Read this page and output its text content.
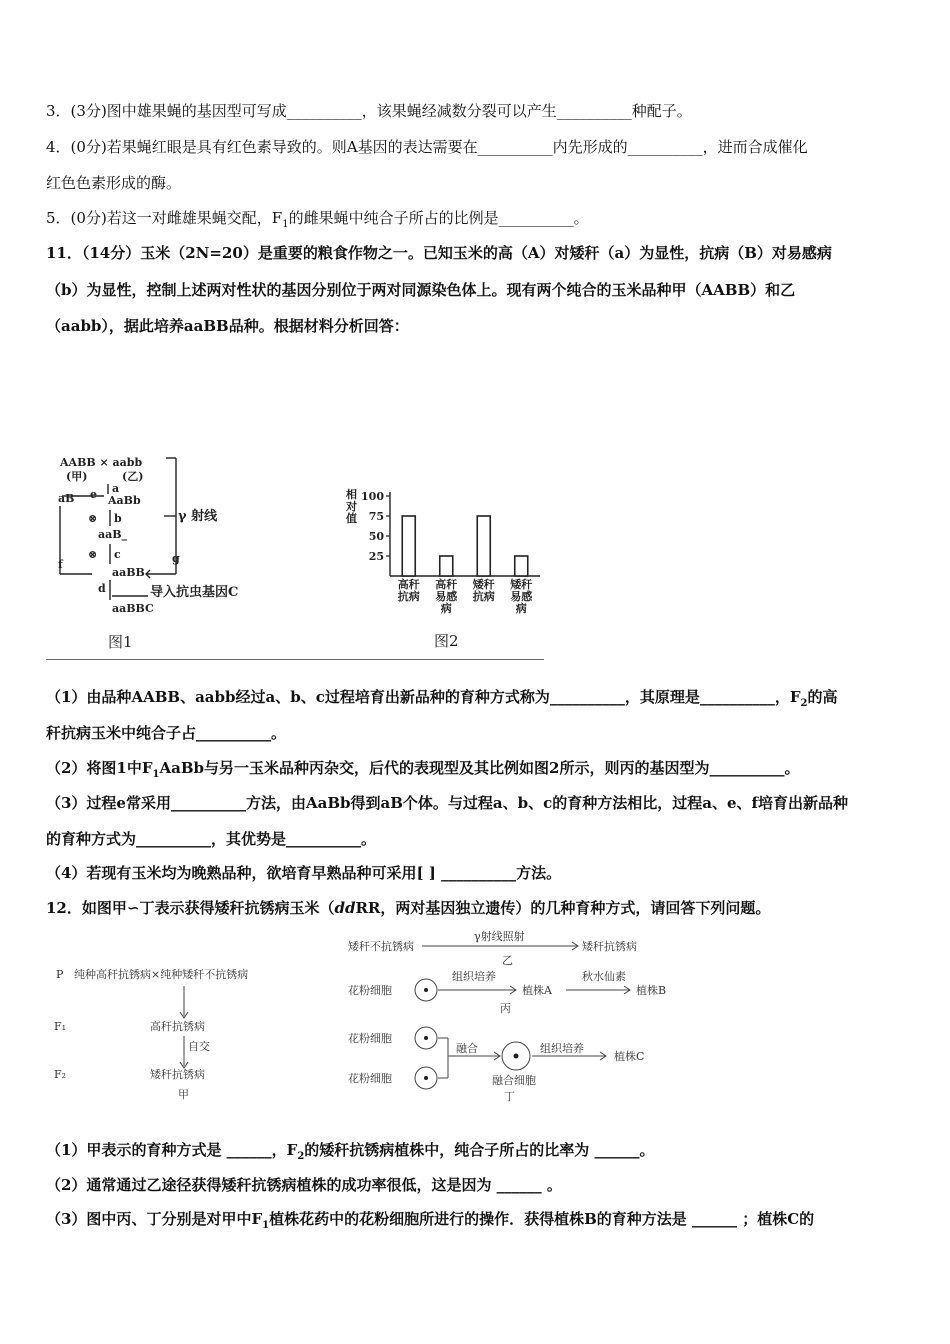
3．(3分)图中雄果蝇的基因型可写成__________，该果蝇经减数分裂可以产生__________种配子。
4．(0分)若果蝇红眼是具有红色素导致的。则A基因的表达需要在__________内先形成的__________，进而合成催化
红色色素形成的酶。
5．(0分)若这一对雌雄果蝇交配，$F_1$的雌果蝇中纯合子所占的比例是__________。
11．（14分）玉米（2N=20）是重要的粮食作物之一。已知玉米的高（A）对矮秆（a）为显性，抗病（B）对易感病
（b）为显性，控制上述两对性状的基因分别位于两对同源染色体上。现有两个纯合的玉米品种甲（AABB）和乙
（aabb），据此培养aaBB品种。根据材料分析回答：
AABB × aabb
(甲)	(乙)
a
aB e AaBb
⊗ b
aaB_
⊗ c
f
aaBB
d
g
aaBBC
γ 射线
导入抗虫基因C
图1
相
对
值
25
50
75
100
高秆抗病
高秆易感病
矮秆抗病
矮秆易感病
图2
（1）由品种AABB、aabb经过a、b、c过程培育出新品种的育种方式称为__________，其原理是__________，$F_2$的高
秆抗病玉米中纯合子占__________。
（2）将图1中$F_1AaBb$与另一玉米品种丙杂交，后代的表现型及其比例如图2所示，则丙的基因型为__________。
（3）过程e常采用__________方法，由AaBb得到aB个体。与过程a、b、c的育种方法相比，过程a、e、f培育出新品种
的育种方式为__________，其优势是__________。
（4）若现有玉米均为晚熟品种，欲培育早熟品种可采用[ ] __________方法。
12．如图甲∽丁表示获得矮秆抗锈病玉米（ddRR，两对基因独立遗传）的几种育种方式，请回答下列问题。
P 纯种高秆抗锈病×纯种矮秆不抗锈病
F₁	高秆抗锈病
自交
F₂	矮秆抗锈病
甲
矮秆不抗锈病
γ射线照射
矮秆抗锈病
乙
花粉细胞
组织培养
植株A
秋水仙素
植株B
丙
花粉细胞
花粉细胞
融合	组织培养
植株C
融合细胞
丁
（1）甲表示的育种方式是 ______，$F_2$的矮秆抗锈病植株中，纯合子所占的比率为 ______。
（2）通常通过乙途径获得矮秆抗锈病植株的成功率很低，这是因为 ______ 。
（3）图中丙、丁分别是对甲中$F_1$植株花药中的花粉细胞所进行的操作．获得植株B的育种方法是 ______ ；植株C的
